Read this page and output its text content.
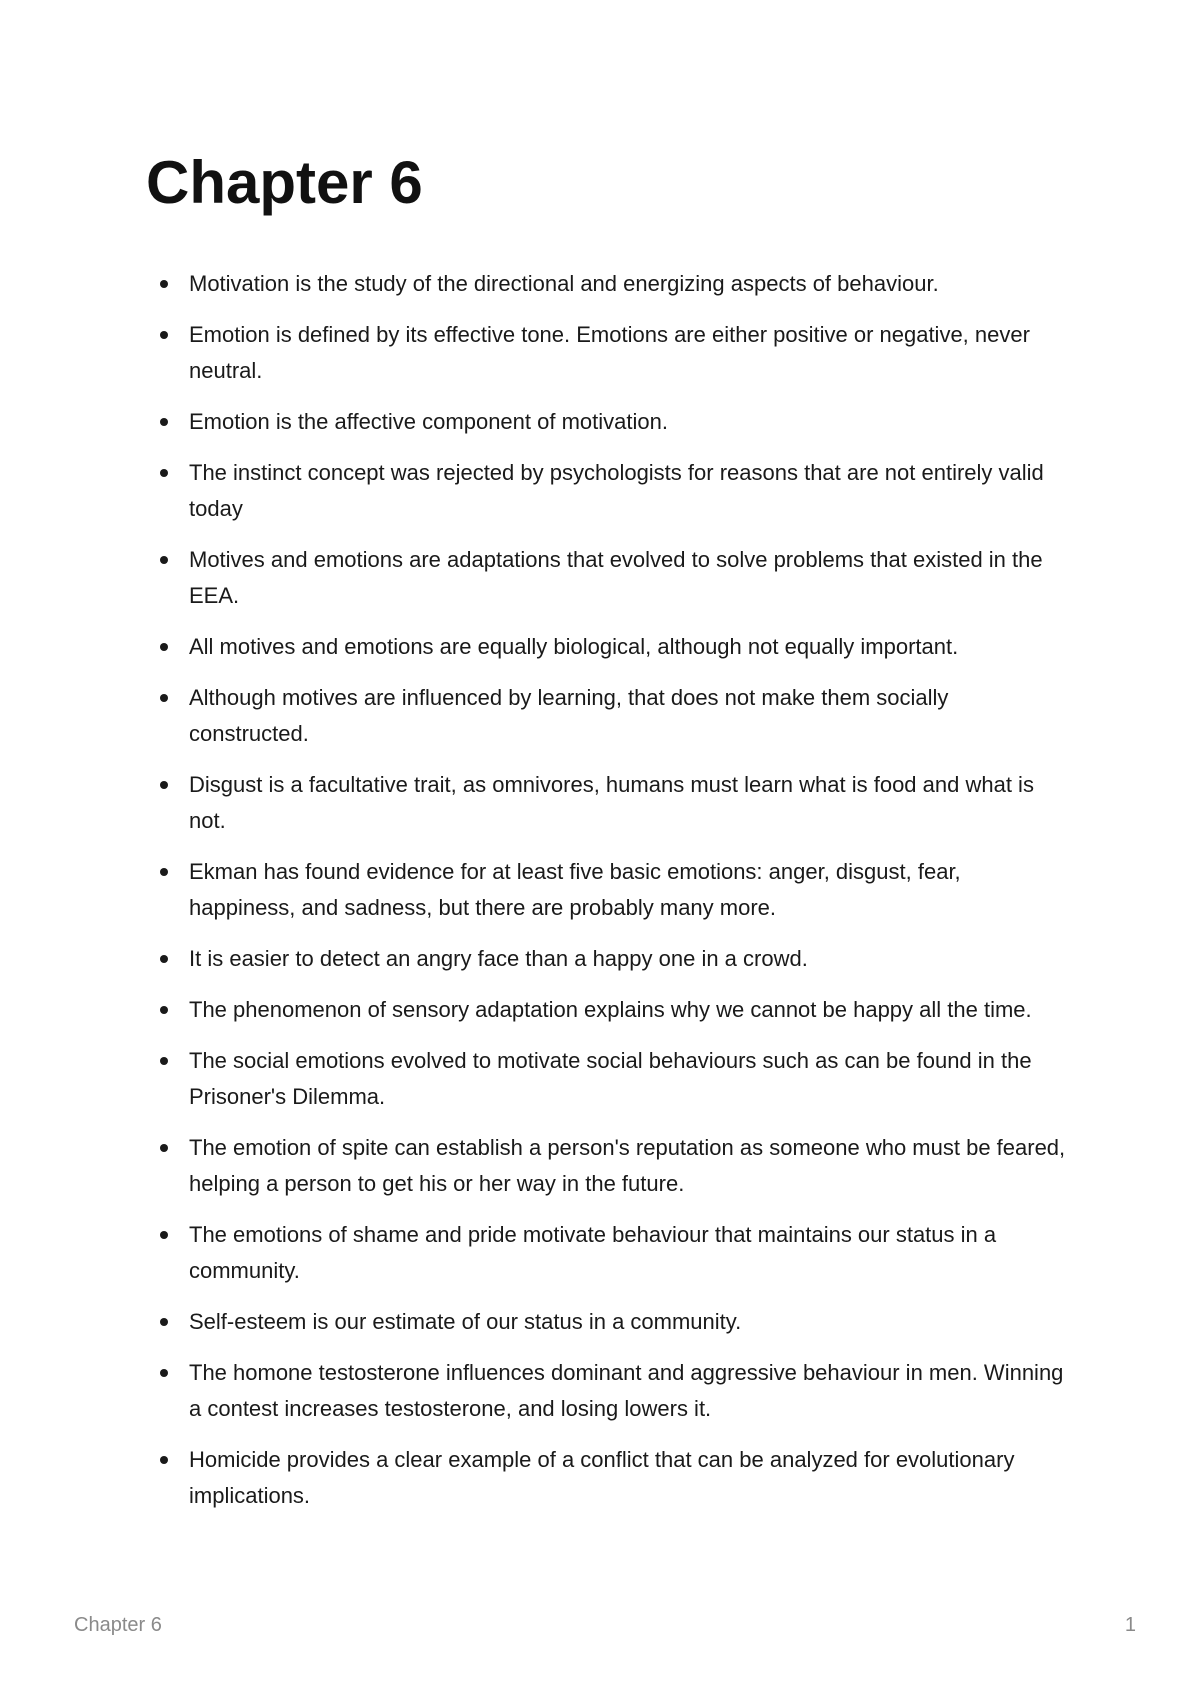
Chapter 6
Motivation is the study of the directional and energizing aspects of behaviour.
Emotion is defined by its effective tone. Emotions are either positive or negative, never neutral.
Emotion is the affective component of motivation.
The instinct concept was rejected by psychologists for reasons that are not entirely valid today
Motives and emotions are adaptations that evolved to solve problems that existed in the EEA.
All motives and emotions are equally biological, although not equally important.
Although motives are influenced by learning, that does not make them socially constructed.
Disgust is a facultative trait, as omnivores, humans must learn what is food and what is not.
Ekman has found evidence for at least five basic emotions: anger, disgust, fear, happiness, and sadness, but there are probably many more.
It is easier to detect an angry face than a happy one in a crowd.
The phenomenon of sensory adaptation explains why we cannot be happy all the time.
The social emotions evolved to motivate social behaviours such as can be found in the Prisoner's Dilemma.
The emotion of spite can establish a person's reputation as someone who must be feared, helping a person to get his or her way in the future.
The emotions of shame and pride motivate behaviour that maintains our status in a community.
Self-esteem is our estimate of our status in a community.
The homone testosterone influences dominant and aggressive behaviour in men. Winning a contest increases testosterone, and losing lowers it.
Homicide provides a clear example of a conflict that can be analyzed for evolutionary implications.
Chapter 6	1
